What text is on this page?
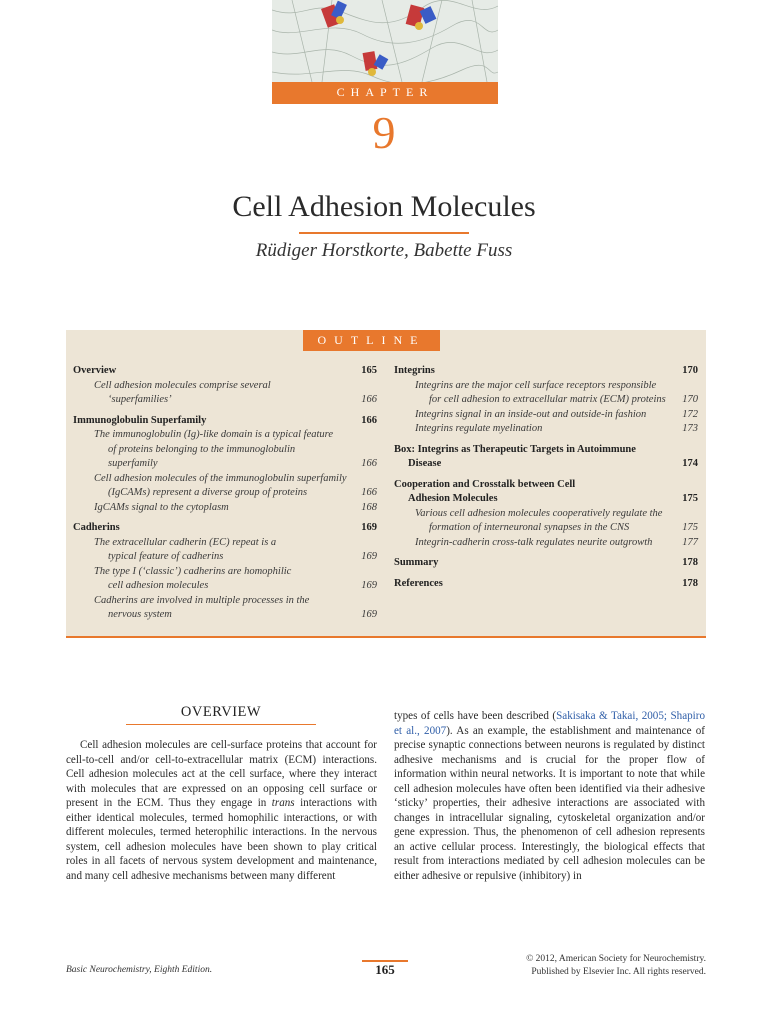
CHAPTER
9
Cell Adhesion Molecules
Rüdiger Horstkorte, Babette Fuss
OUTLINE
Overview	165
Cell adhesion molecules comprise several
‘superfamilies’	166
Immunoglobulin Superfamily	166
The immunoglobulin (Ig)-like domain is a typical feature
of proteins belonging to the immunoglobulin
superfamily	166
Cell adhesion molecules of the immunoglobulin superfamily
(IgCAMs) represent a diverse group of proteins	166
IgCAMs signal to the cytoplasm	168
Cadherins	169
The extracellular cadherin (EC) repeat is a
typical feature of cadherins	169
The type I (‘classic’) cadherins are homophilic
cell adhesion molecules	169
Cadherins are involved in multiple processes in the
nervous system	169
Integrins	170
Integrins are the major cell surface receptors responsible
for cell adhesion to extracellular matrix (ECM) proteins	170
Integrins signal in an inside-out and outside-in fashion	172
Integrins regulate myelination	173
Box: Integrins as Therapeutic Targets in Autoimmune
Disease	174
Cooperation and Crosstalk between Cell
Adhesion Molecules	175
Various cell adhesion molecules cooperatively regulate the
formation of interneuronal synapses in the CNS	175
Integrin-cadherin cross-talk regulates neurite outgrowth	177
Summary	178
References	178
OVERVIEW

Cell adhesion molecules are cell-surface proteins that account for cell-to-cell and/or cell-to-extracellular matrix (ECM) interactions. Cell adhesion molecules act at the cell surface, where they interact with molecules that are expressed on an opposing cell surface or present in the ECM. Thus they engage in trans interactions with either identical molecules, termed homophilic interactions, or with different molecules, termed heterophilic interactions. In the nervous system, cell adhesion molecules have been shown to play critical roles in all facets of nervous system development and maintenance, and many cell adhesive mechanisms between many different

types of cells have been described (Sakisaka & Takai, 2005; Shapiro et al., 2007). As an example, the establishment and maintenance of precise synaptic connections between neurons is regulated by distinct adhesive mechanisms and is crucial for the proper flow of information within neural networks. It is important to note that while cell adhesion molecules have often been identified via their adhesive ‘sticky’ properties, their adhesive interactions are associated with changes in intracellular signaling, cytoskeletal organization and/or gene expression. Thus, the phenomenon of cell adhesion represents an active cellular process. Interestingly, the biological effects that result from interactions mediated by cell adhesion molecules can be either adhesive or repulsive (inhibitory) in

Basic Neurochemistry, Eighth Edition.	165
© 2012, American Society for Neurochemistry.
Published by Elsevier Inc. All rights reserved.
